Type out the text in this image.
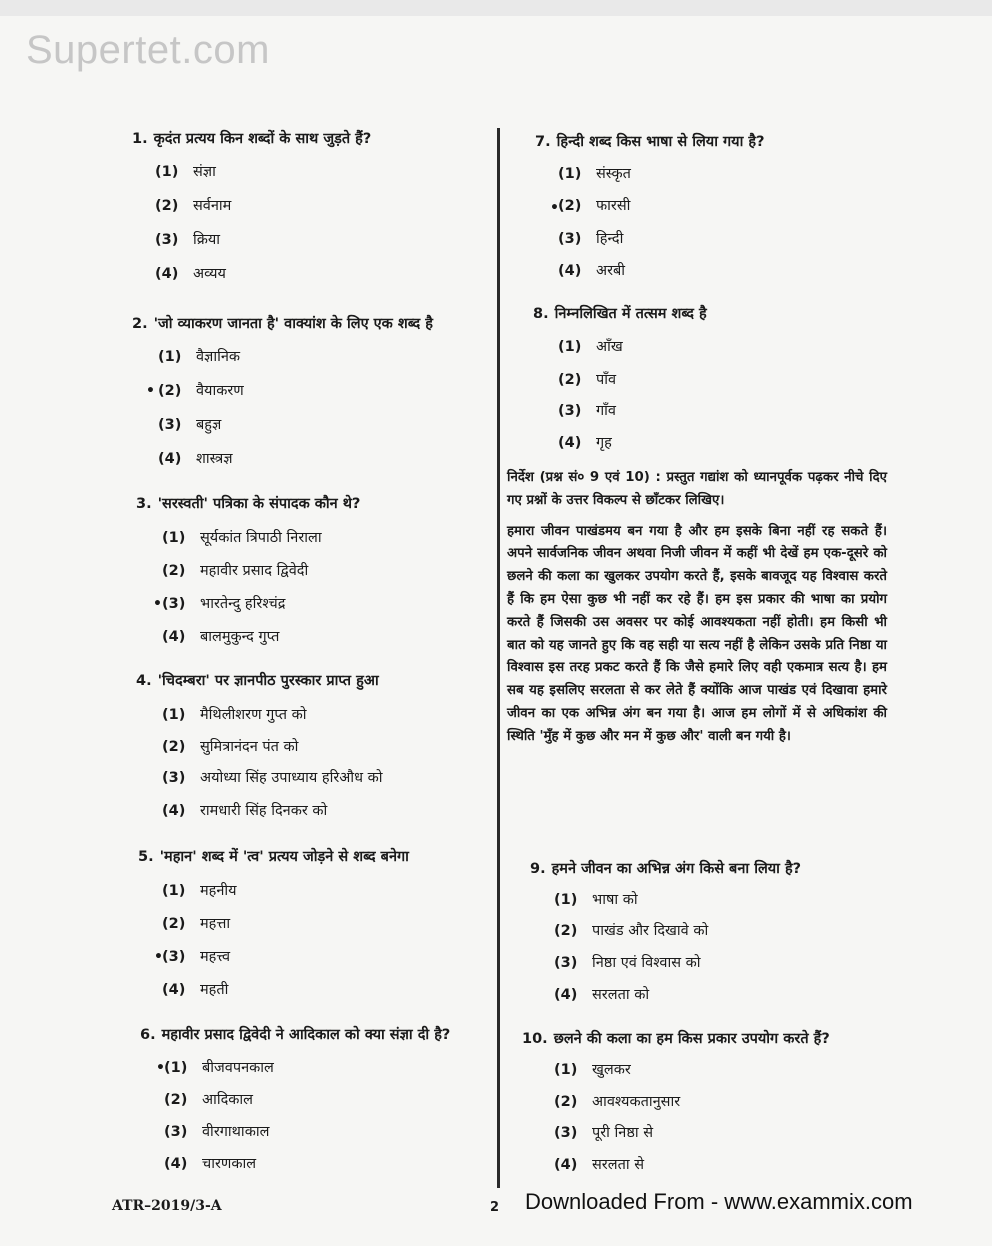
Supertet.com
1. कृदंत प्रत्यय किन शब्दों के साथ जुड़ते हैं?
(1) संज्ञा
(2) सर्वनाम
(3) क्रिया
(4) अव्यय
2. 'जो व्याकरण जानता है' वाक्यांश के लिए एक शब्द है
(1) वैज्ञानिक
(2) वैयाकरण
(3) बहुज्ञ
(4) शास्त्रज्ञ
3. 'सरस्वती' पत्रिका के संपादक कौन थे?
(1) सूर्यकांत त्रिपाठी निराला
(2) महावीर प्रसाद द्विवेदी
(3) भारतेन्दु हरिश्चंद्र
(4) बालमुकुन्द गुप्त
4. 'चिदम्बरा' पर ज्ञानपीठ पुरस्कार प्राप्त हुआ
(1) मैथिलीशरण गुप्त को
(2) सुमित्रानंदन पंत को
(3) अयोध्या सिंह उपाध्याय हरिऔध को
(4) रामधारी सिंह दिनकर को
5. 'महान' शब्द में 'त्व' प्रत्यय जोड़ने से शब्द बनेगा
(1) महनीय
(2) महत्ता
(3) महत्त्व
(4) महती
6. महावीर प्रसाद द्विवेदी ने आदिकाल को क्या संज्ञा दी है?
(1) बीजवपनकाल
(2) आदिकाल
(3) वीरगाथाकाल
(4) चारणकाल
7. हिन्दी शब्द किस भाषा से लिया गया है?
(1) संस्कृत
(2) फारसी
(3) हिन्दी
(4) अरबी
8. निम्नलिखित में तत्सम शब्द है
(1) आँख
(2) पाँव
(3) गाँव
(4) गृह
निर्देश (प्रश्न सं० 9 एवं 10) : प्रस्तुत गद्यांश को ध्यानपूर्वक पढ़कर नीचे दिए गए प्रश्नों के उत्तर विकल्प से छाँटकर लिखिए।
हमारा जीवन पाखंडमय बन गया है और हम इसके बिना नहीं रह सकते हैं। अपने सार्वजनिक जीवन अथवा निजी जीवन में कहीं भी देखें हम एक-दूसरे को छलने की कला का खुलकर उपयोग करते हैं, इसके बावजूद यह विश्वास करते हैं कि हम ऐसा कुछ भी नहीं कर रहे हैं। हम इस प्रकार की भाषा का प्रयोग करते हैं जिसकी उस अवसर पर कोई आवश्यकता नहीं होती। हम किसी भी बात को यह जानते हुए कि वह सही या सत्य नहीं है लेकिन उसके प्रति निष्ठा या विश्वास इस तरह प्रकट करते हैं कि जैसे हमारे लिए वही एकमात्र सत्य है। हम सब यह इसलिए सरलता से कर लेते हैं क्योंकि आज पाखंड एवं दिखावा हमारे जीवन का एक अभिन्न अंग बन गया है। आज हम लोगों में से अधिकांश की स्थिति 'मुँह में कुछ और मन में कुछ और' वाली बन गयी है।
9. हमने जीवन का अभिन्न अंग किसे बना लिया है?
(1) भाषा को
(2) पाखंड और दिखावे को
(3) निष्ठा एवं विश्वास को
(4) सरलता को
10. छलने की कला का हम किस प्रकार उपयोग करते हैं?
(1) खुलकर
(2) आवश्यकतानुसार
(3) पूरी निष्ठा से
(4) सरलता से
•
•
•
•
•
ATR–2019/3-A	2 Downloaded From - www.exammix.com
